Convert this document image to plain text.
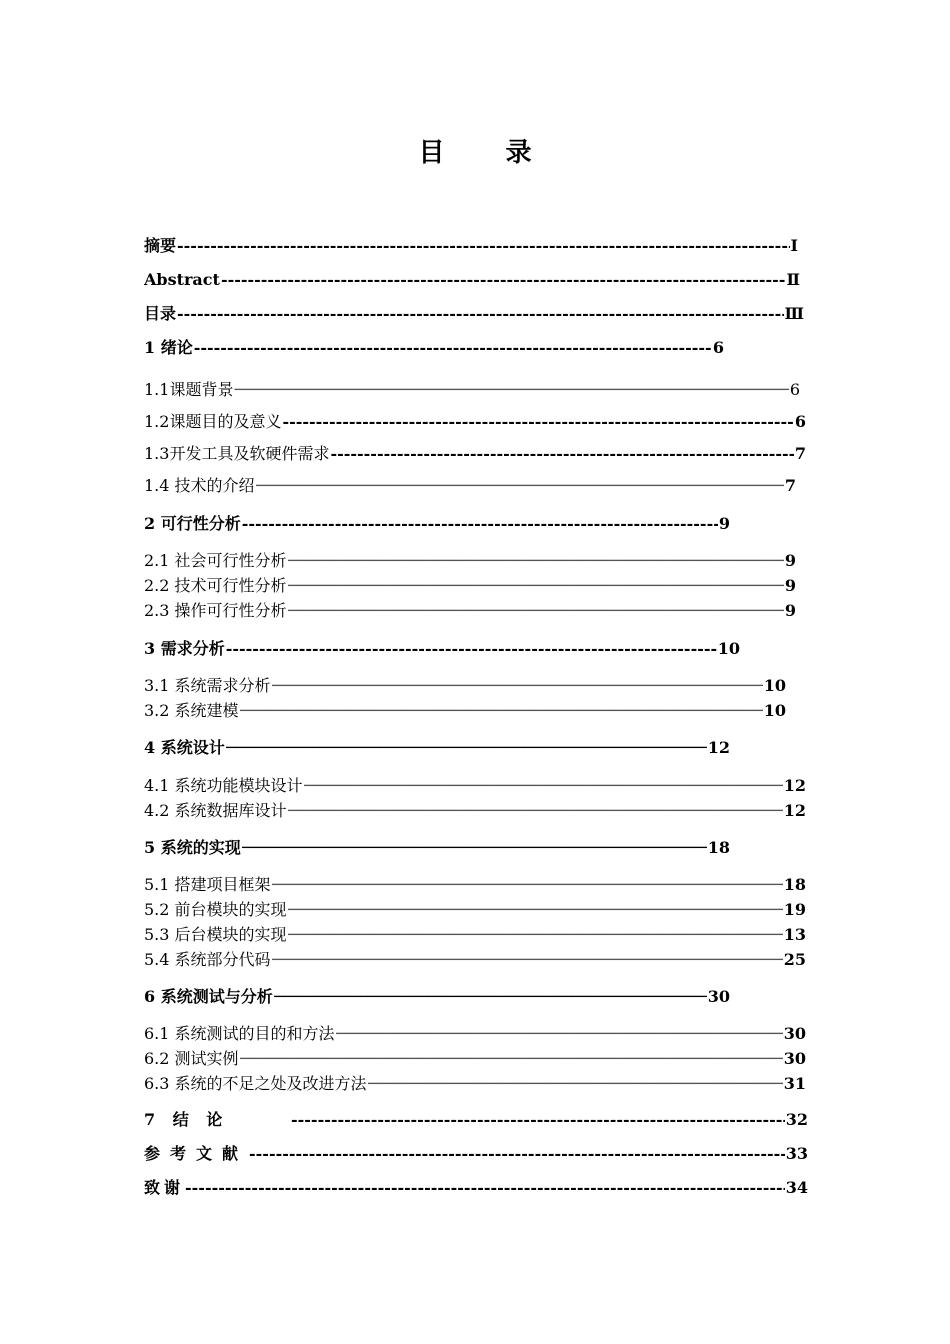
目 录
摘要 -----	Ⅰ
Abstract -----	Ⅱ
目录 -----	Ⅲ
1 绪论 -----	6
1.1课题背景 ──────────────────────────────────────────────────────────────────────────────────────────────────────────────────	6
1.2课题目的及意义 -----	6
1.3开发工具及软硬件需求 -----	7
1.4 技术的介绍 ──────────────────────────────────────────────────────────────────────────────────────────────────────────────────	7
2 可行性分析 -----	9
2.1 社会可行性分析 ──────────────────────────────────────────────────────────────────────────────────────────────────────────────────	9
2.2 技术可行性分析 ──────────────────────────────────────────────────────────────────────────────────────────────────────────────────	9
2.3 操作可行性分析 ──────────────────────────────────────────────────────────────────────────────────────────────────────────────────	9
3 需求分析 -----	10
3.1 系统需求分析 ──────────────────────────────────────────────────────────────────────────────────────────────────────────────────	10
3.2 系统建模 ──────────────────────────────────────────────────────────────────────────────────────────────────────────────────	10
4 系统设计 ────────────────────────────────────────────────────────────────────────────────────────────────────	12
4.1 系统功能模块设计 ──────────────────────────────────────────────────────────────────────────────────────────────────────────────────	12
4.2 系统数据库设计 ──────────────────────────────────────────────────────────────────────────────────────────────────────────────────	12
5 系统的实现 ────────────────────────────────────────────────────────────────────────────────────────────────────	18
5.1 搭建项目框架 ──────────────────────────────────────────────────────────────────────────────────────────────────────────────────	18
5.2 前台模块的实现 ──────────────────────────────────────────────────────────────────────────────────────────────────────────────────	19
5.3 后台模块的实现 ──────────────────────────────────────────────────────────────────────────────────────────────────────────────────	13
5.4 系统部分代码 ──────────────────────────────────────────────────────────────────────────────────────────────────────────────────	25
6 系统测试与分析 ────────────────────────────────────────────────────────────────────────────────────────────────────	30
6.1 系统测试的目的和方法 ──────────────────────────────────────────────────────────────────────────────────────────────────────────────────	30
6.2 测试实例 ──────────────────────────────────────────────────────────────────────────────────────────────────────────────────	30
6.3 系统的不足之处及改进方法 ──────────────────────────────────────────────────────────────────────────────────────────────────────────────────	31
7 结 论 -----	32
参考文献 -----	33
致谢 -----	34
